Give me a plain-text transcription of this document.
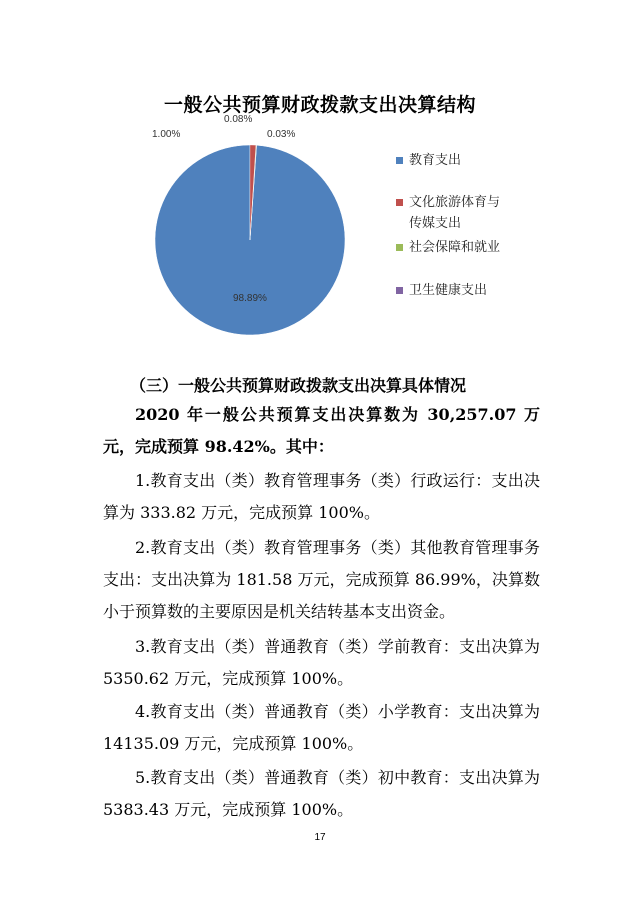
一般公共预算财政拨款支出决算结构
1.00%
0.08%
0.03%
98.89%
教育支出
文化旅游体育与
传媒支出
社会保障和就业
卫生健康支出
（三）一般公共预算财政拨款支出决算具体情况
2020 年一般公共预算支出决算数为 30,257.07 万元，完成预算 98.42%。其中：
1.教育支出（类）教育管理事务（类）行政运行：支出决算为 333.82 万元，完成预算 100%。
2.教育支出（类）教育管理事务（类）其他教育管理事务支出：支出决算为 181.58 万元，完成预算 86.99%，决算数小于预算数的主要原因是机关结转基本支出资金。
3.教育支出（类）普通教育（类）学前教育：支出决算为 5350.62 万元，完成预算 100%。
4.教育支出（类）普通教育（类）小学教育：支出决算为 14135.09 万元，完成预算 100%。
5.教育支出（类）普通教育（类）初中教育：支出决算为 5383.43 万元，完成预算 100%。
17
